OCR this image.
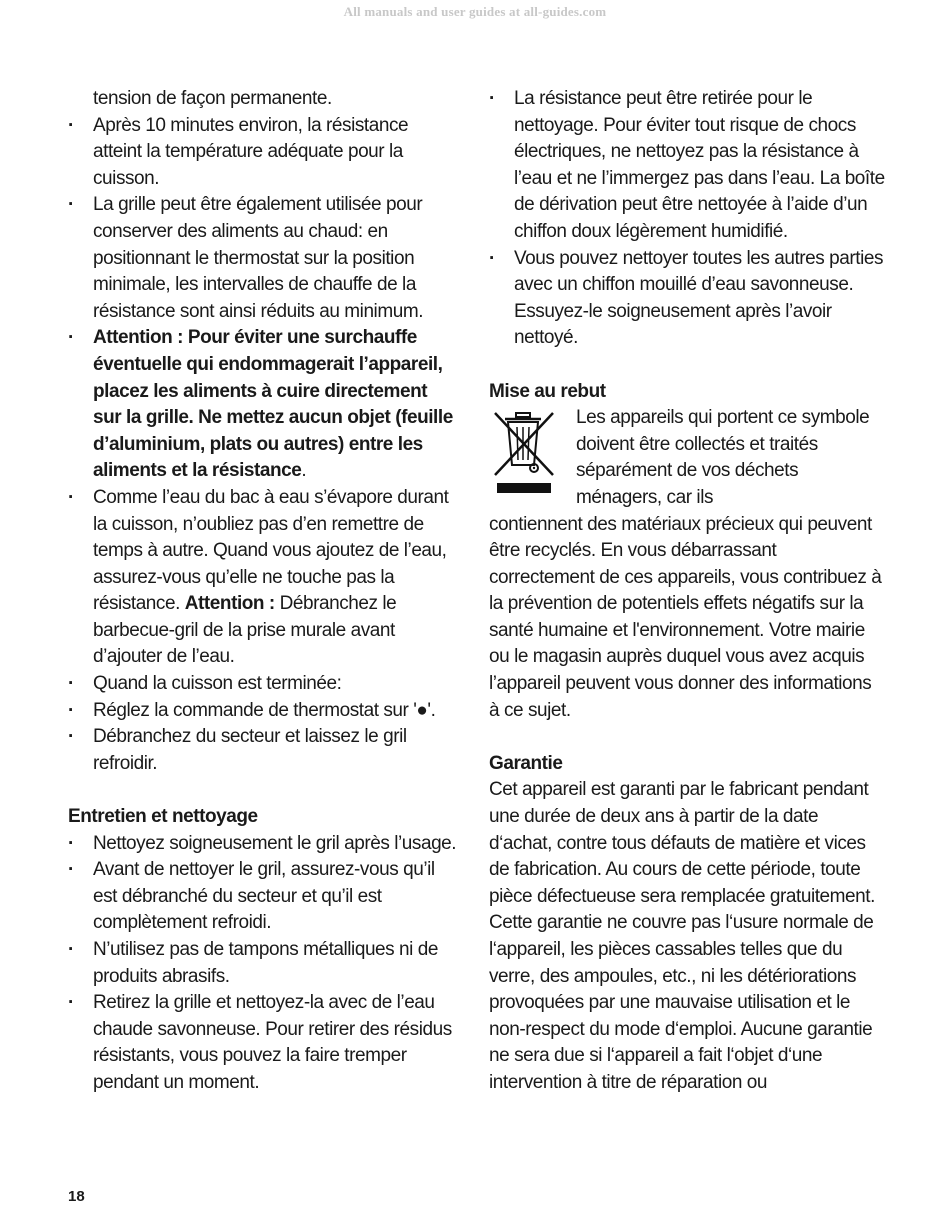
All manuals and user guides at all-guides.com

tension de façon permanente.

· Après 10 minutes environ, la résistance atteint la température adéquate pour la cuisson.
· La grille peut être également utilisée pour conserver des aliments au chaud: en positionnant le thermostat sur la position minimale, les intervalles de chauffe de la résistance sont ainsi réduits au minimum.
· Attention : Pour éviter une surchauffe éventuelle qui endommagerait l’appareil, placez les aliments à cuire directement sur la grille. Ne mettez aucun objet (feuille d’aluminium, plats ou autres) entre les aliments et la résistance.
· Comme l’eau du bac à eau s’évapore durant la cuisson, n’oubliez pas d’en remettre de temps à autre. Quand vous ajoutez de l’eau, assurez-vous qu’elle ne touche pas la résistance. Attention : Débranchez le barbecue-gril de la prise murale avant d’ajouter de l’eau.
· Quand la cuisson est terminée:
· Réglez la commande de thermostat sur '●'.
· Débranchez du secteur et laissez le gril refroidir.
Entretien et nettoyage
· Nettoyez soigneusement le gril après l’usage.
· Avant de nettoyer le gril, assurez-vous qu’il est débranché du secteur et qu’il est complètement refroidi.
· N’utilisez pas de tampons métalliques ni de produits abrasifs.
· Retirez la grille et nettoyez-la avec de l’eau chaude savonneuse. Pour retirer des résidus résistants, vous pouvez la faire tremper pendant un moment.
· La résistance peut être retirée pour le nettoyage. Pour éviter tout risque de chocs électriques, ne nettoyez pas la résistance à l’eau et ne l’immergez pas dans l’eau. La boîte de dérivation peut être nettoyée à l’aide d’un chiffon doux légèrement humidifié.
· Vous pouvez nettoyer toutes les autres parties avec un chiffon mouillé d’eau savonneuse. Essuyez-le soigneusement après l’avoir nettoyé.
Mise au rebut

Les appareils qui portent ce symbole doivent être collectés et traités séparément de vos déchets ménagers, car ils

contiennent des matériaux précieux qui peuvent être recyclés. En vous débarrassant correctement de ces appareils, vous contribuez à la prévention de potentiels effets négatifs sur la santé humaine et l'environnement. Votre mairie ou le magasin auprès duquel vous avez acquis l’appareil peuvent vous donner des informations à ce sujet.

Garantie

Cet appareil est garanti par le fabricant pendant une durée de deux ans à partir de la date d‘achat, contre tous défauts de matière et vices de fabrication. Au cours de cette période, toute pièce défectueuse sera remplacée gratuitement. Cette garantie ne couvre pas l‘usure normale de l‘appareil, les pièces cassables telles que du verre, des ampoules, etc., ni les détériorations provoquées par une mauvaise utilisation et le non-respect du mode d‘emploi. Aucune garantie ne sera due si l‘appareil a fait l‘objet d‘une intervention à titre de réparation ou

18
